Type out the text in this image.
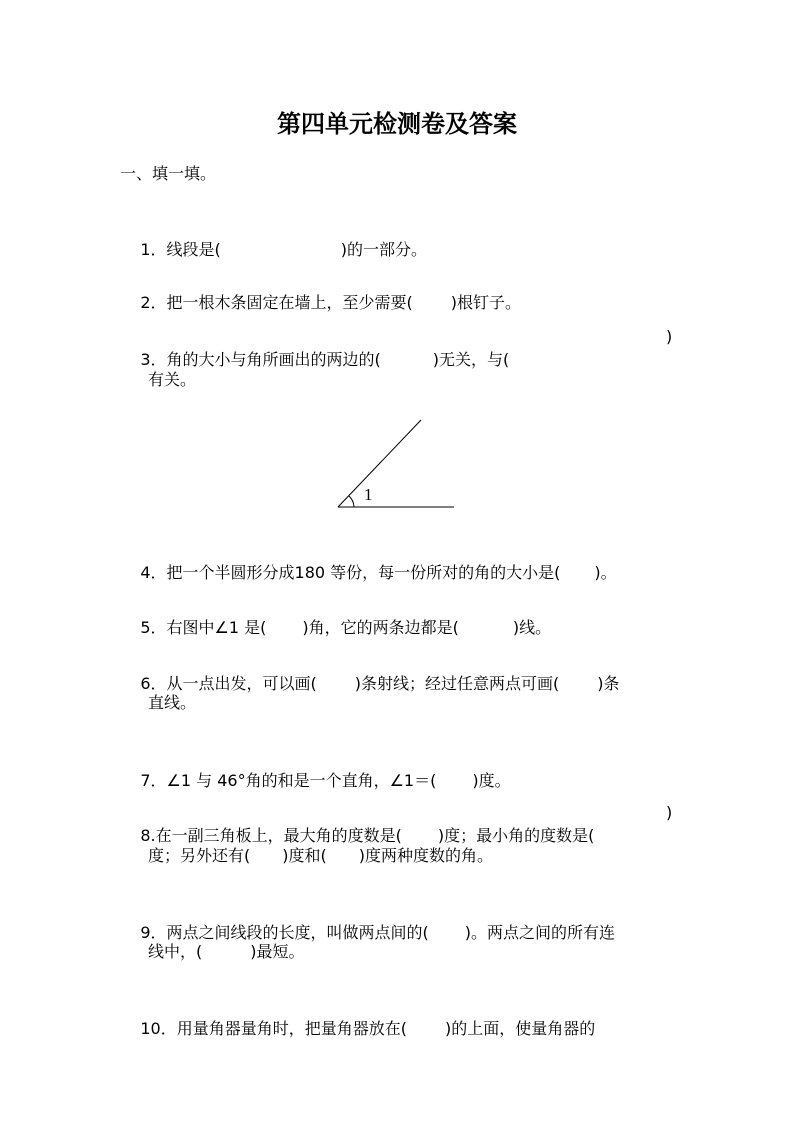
第四单元检测卷及答案
一、填一填。

1．线段是(	)的一部分。

2．把一根木条固定在墙上，至少需要( )根钉子。

3．角的大小与角所画出的两边的(	)无关，与(

)
有关。
1

4．把一个半圆形分成180 等份，每一份所对的角的大小是( )。

5．右图中∠1 是( )角，它的两条边都是(	)线。

6．从一点出发，可以画( )条射线；经过任意两点可画( )条

直线。

7．∠1 与 46°角的和是一个直角，∠1＝( )度。

8.在一副三角板上，最大角的度数是( )度；最小角的度数是(

)
度；另外还有(　　)度和(　　)度两种度数的角。

9．两点之间线段的长度，叫做两点间的( )。两点之间的所有连

线中，(　　　)最短。

10．用量角器量角时，把量角器放在( )的上面，使量角器的
